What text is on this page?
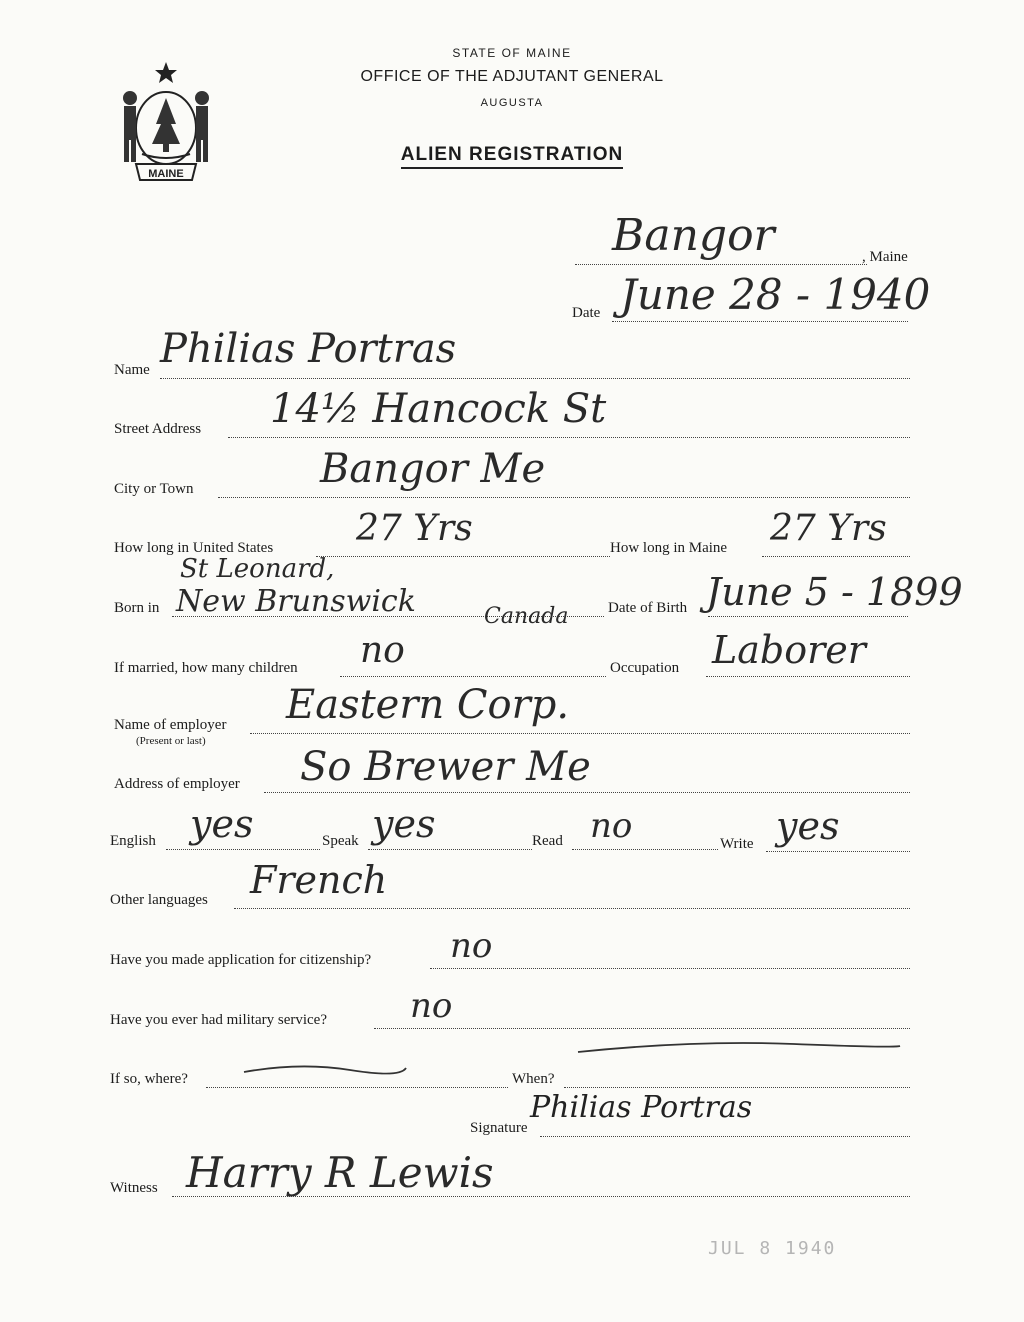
STATE OF MAINE
OFFICE OF THE ADJUTANT GENERAL
AUGUSTA
ALIEN REGISTRATION
MAINE
Bangor	, Maine
Date June 28 - 1940
Name Philias Portras
Street Address 14½ Hancock St
City or Town	Bangor Me
How long in United States 27 Yrs	How long in Maine 27 Yrs
Born in
St Leonard,
New Brunswick	Canada	Date of Birth June 5 - 1899
If married, how many children no	Occupation Laborer
Name of employer
(Present or last)
Eastern Corp.
Address of employer So Brewer Me
English yes	Speak yes	Read no	Write yes
Other languages French
Have you made application for citizenship? no
Have you ever had military service? no
If so, where?	When?
Signature
Philias Portras
Witness Harry R Lewis
JUL 8 1940
